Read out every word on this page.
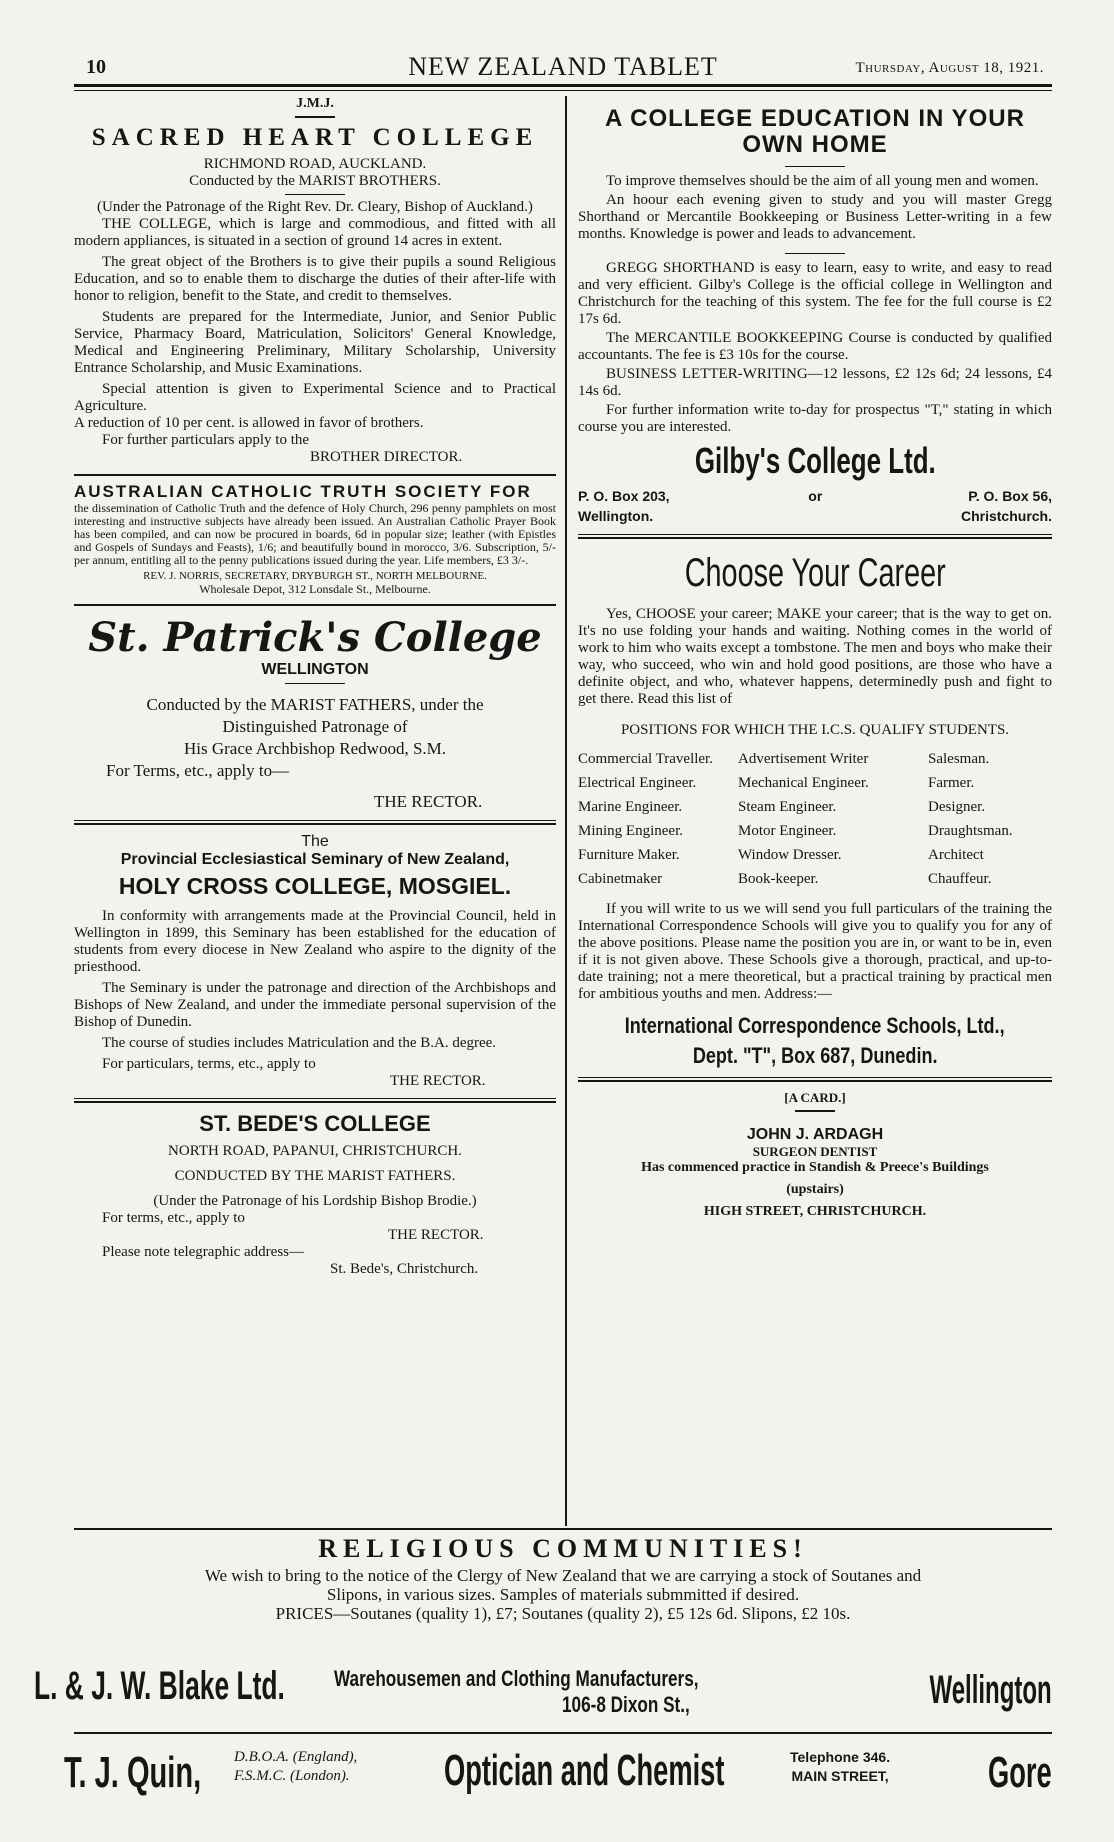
10	NEW ZEALAND TABLET	Thursday, August 18, 1921.

J.M.J.

SACRED HEART COLLEGE

RICHMOND ROAD, AUCKLAND.

Conducted by the MARIST BROTHERS.

(Under the Patronage of the Right Rev. Dr. Cleary, Bishop of Auckland.)

THE COLLEGE, which is large and commodious, and fitted with all modern appliances, is situated in a section of ground 14 acres in extent.

The great object of the Brothers is to give their pupils a sound Religious Education, and so to enable them to discharge the duties of their after-life with honor to religion, benefit to the State, and credit to themselves.

Students are prepared for the Intermediate, Junior, and Senior Public Service, Pharmacy Board, Matriculation, Solicitors' General Knowledge, Medical and Engineering Preliminary, Military Scholarship, University Entrance Scholarship, and Music Examinations.

Special attention is given to Experimental Science and to Practical Agriculture.

A reduction of 10 per cent. is allowed in favor of brothers.

For further particulars apply to the

BROTHER DIRECTOR.

AUSTRALIAN CATHOLIC TRUTH SOCIETY FOR

the dissemination of Catholic Truth and the defence of Holy Church, 296 penny pamphlets on most interesting and instructive subjects have already been issued. An Australian Catholic Prayer Book has been compiled, and can now be procured in boards, 6d in popular size; leather (with Epistles and Gospels of Sundays and Feasts), 1/6; and beautifully bound in morocco, 3/6. Subscription, 5/- per annum, entitling all to the penny publications issued during the year. Life members, £3 3/-.

REV. J. NORRIS, SECRETARY, DRYBURGH ST., NORTH MELBOURNE.

Wholesale Depot, 312 Lonsdale St., Melbourne.

St. Patrick's College

WELLINGTON

Conducted by the MARIST FATHERS, under the

Distinguished Patronage of

His Grace Archbishop Redwood, S.M.

For Terms, etc., apply to—

THE RECTOR.

The

Provincial Ecclesiastical Seminary of New Zealand,

HOLY CROSS COLLEGE, MOSGIEL.

In conformity with arrangements made at the Provincial Council, held in Wellington in 1899, this Seminary has been established for the education of students from every diocese in New Zealand who aspire to the dignity of the priesthood.

The Seminary is under the patronage and direction of the Archbishops and Bishops of New Zealand, and under the immediate personal supervision of the Bishop of Dunedin.

The course of studies includes Matriculation and the B.A. degree.

For particulars, terms, etc., apply to

THE RECTOR.

ST. BEDE'S COLLEGE

NORTH ROAD, PAPANUI, CHRISTCHURCH.

CONDUCTED BY THE MARIST FATHERS.

(Under the Patronage of his Lordship Bishop Brodie.)

For terms, etc., apply to

THE RECTOR.

Please note telegraphic address—

St. Bede's, Christchurch.

A COLLEGE EDUCATION IN YOUR OWN HOME

To improve themselves should be the aim of all young men and women.

An hoour each evening given to study and you will master Gregg Shorthand or Mercantile Bookkeeping or Business Letter-writing in a few months. Knowledge is power and leads to advancement.

GREGG SHORTHAND is easy to learn, easy to write, and easy to read and very efficient. Gilby's College is the official college in Wellington and Christchurch for the teaching of this system. The fee for the full course is £2 17s 6d.

The MERCANTILE BOOKKEEPING Course is conducted by qualified accountants. The fee is £3 10s for the course.

BUSINESS LETTER-WRITING—12 lessons, £2 12s 6d; 24 lessons, £4 14s 6d.

For further information write to-day for prospectus "T," stating in which course you are interested.

Gilby's College Ltd.

P. O. Box 203,
Wellington.
or	P. O. Box 56,
Christchurch.

Choose Your Career

Yes, CHOOSE your career; MAKE your career; that is the way to get on. It's no use folding your hands and waiting. Nothing comes in the world of work to him who waits except a tombstone. The men and boys who make their way, who succeed, who win and hold good positions, are those who have a definite object, and who, whatever happens, determinedly push and fight to get there. Read this list of

POSITIONS FOR WHICH THE I.C.S. QUALIFY STUDENTS.

Commercial Traveller.	Advertisement Writer	Salesman.
Electrical Engineer.	Mechanical Engineer.	Farmer.
Marine Engineer.	Steam Engineer.	Designer.
Mining Engineer.	Motor Engineer.	Draughtsman.
Furniture Maker.	Window Dresser.	Architect
Cabinetmaker	Book-keeper.	Chauffeur.

If you will write to us we will send you full particulars of the training the International Correspondence Schools will give you to qualify you for any of the above positions. Please name the position you are in, or want to be in, even if it is not given above. These Schools give a thorough, practical, and up-to-date training; not a mere theoretical, but a practical training by practical men for ambitious youths and men. Address:—

International Correspondence Schools, Ltd.,

Dept. "T", Box 687, Dunedin.

[A CARD.]

JOHN J. ARDAGH

SURGEON DENTIST

Has commenced practice in Standish & Preece's Buildings

(upstairs)

HIGH STREET, CHRISTCHURCH.

RELIGIOUS COMMUNITIES!

We wish to bring to the notice of the Clergy of New Zealand that we are carrying a stock of Soutanes and

Slipons, in various sizes. Samples of materials submmitted if desired.

PRICES—Soutanes (quality 1), £7; Soutanes (quality 2), £5 12s 6d. Slipons, £2 10s.

L. & J. W. Blake Ltd. Warehousemen and Clothing Manufacturers,
106-8 Dixon St.,	Wellington
T. J. Quin, D.B.O.A. (England),
F.S.M.C. (London). Optician and Chemist	Telephone 346.
MAIN STREET, Gore
